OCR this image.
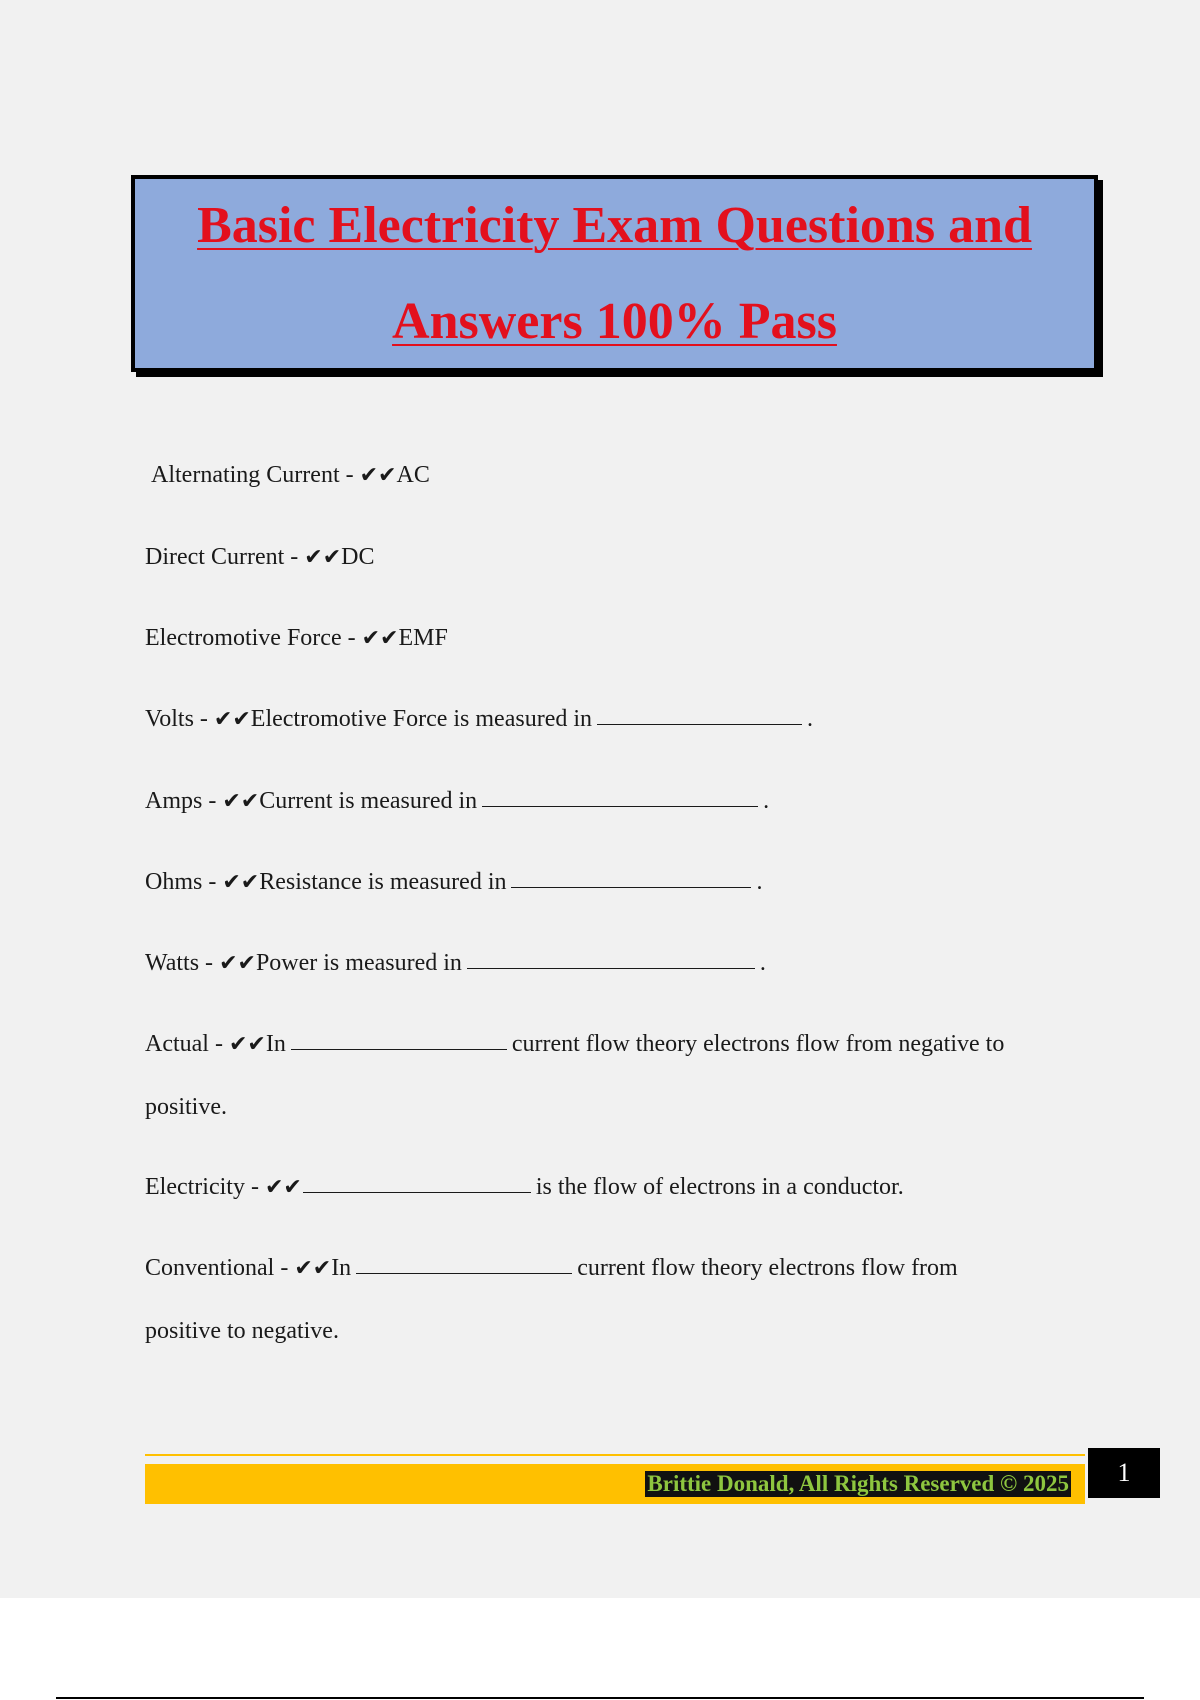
Basic Electricity Exam Questions and
Answers 100% Pass
Alternating Current - ✔✔AC
Direct Current - ✔✔DC
Electromotive Force - ✔✔EMF
Volts - ✔✔Electromotive Force is measured in	.
Amps - ✔✔Current is measured in	.
Ohms - ✔✔Resistance is measured in	.
Watts - ✔✔Power is measured in	.
Actual - ✔✔In	current flow theory electrons flow from negative to
positive.
Electricity - ✔✔	is the flow of electrons in a conductor.
Conventional - ✔✔In	current flow theory electrons flow from
positive to negative.
Brittie Donald, All Rights Reserved © 2025	1
